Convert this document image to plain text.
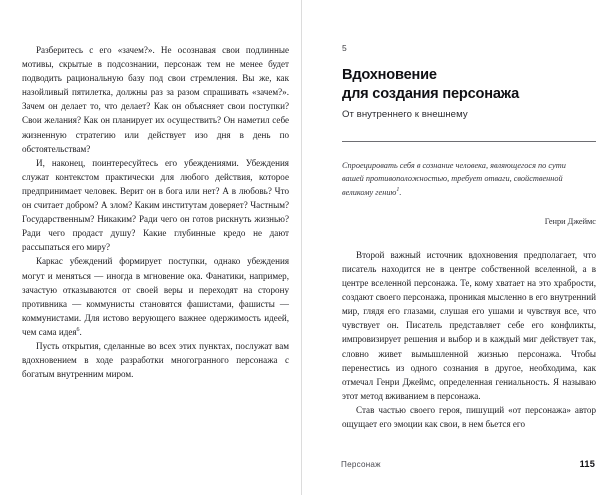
Разберитесь с его «зачем?». Не осознавая свои подлинные мотивы, скрытые в подсознании, персонаж тем не менее будет подводить рациональную базу под свои стремления. Вы же, как назойливый пятилетка, должны раз за разом спрашивать «зачем?». Зачем он делает то, что делает? Как он объясняет свои поступки? Свои желания? Как он планирует их осуществить? Он наметил себе жизненную стратегию или действует изо дня в день по обстоятельствам?

И, наконец, поинтересуйтесь его убеждениями. Убеждения служат контекстом практически для любого действия, которое предпринимает человек. Верит он в бога или нет? А в любовь? Что он считает добром? А злом? Каким институтам доверяет? Частным? Государственным? Никаким? Ради чего он готов рискнуть жизнью? Ради чего продаст душу? Какие глубинные кредо не дают рассыпаться его миру?

Каркас убеждений формирует поступки, однако убеждения могут и меняться — иногда в мгновение ока. Фанатики, например, зачастую отказываются от своей веры и переходят на сторону противника — коммунисты становятся фашистами, фашисты — коммунистами. Для истово верующего важнее одержимость идеей, чем сама идея$^6$.

Пусть открытия, сделанные во всех этих пунктах, послужат вам вдохновением в ходе разработки многогранного персонажа с богатым внутренним миром.

5

Вдохновение
для создания персонажа

От внутреннего к внешнему

Спроецировать себя в сознание человека, являющегося по сути вашей противоположностью, требует отваги, свойственной великому гению$^1$.

Генри Джеймс

Второй важный источник вдохновения предполагает, что писатель находится не в центре собственной вселенной, а в центре вселенной персонажа. Те, кому хватает на это храбрости, создают своего персонажа, проникая мысленно в его внутренний мир, глядя его глазами, слушая его ушами и чувствуя все, что чувствует он. Писатель представляет себе его конфликты, импровизирует решения и выбор и в каждый миг действует так, словно живет вымышленной жизнью персонажа. Чтобы перенестись из одного сознания в другое, необходима, как отмечал Генри Джеймс, определенная гениальность. Я называю этот метод вживанием в персонажа.

Став частью своего героя, пишущий «от персонажа» автор ощущает его эмоции как свои, в нем бьется его

Персонаж	115
